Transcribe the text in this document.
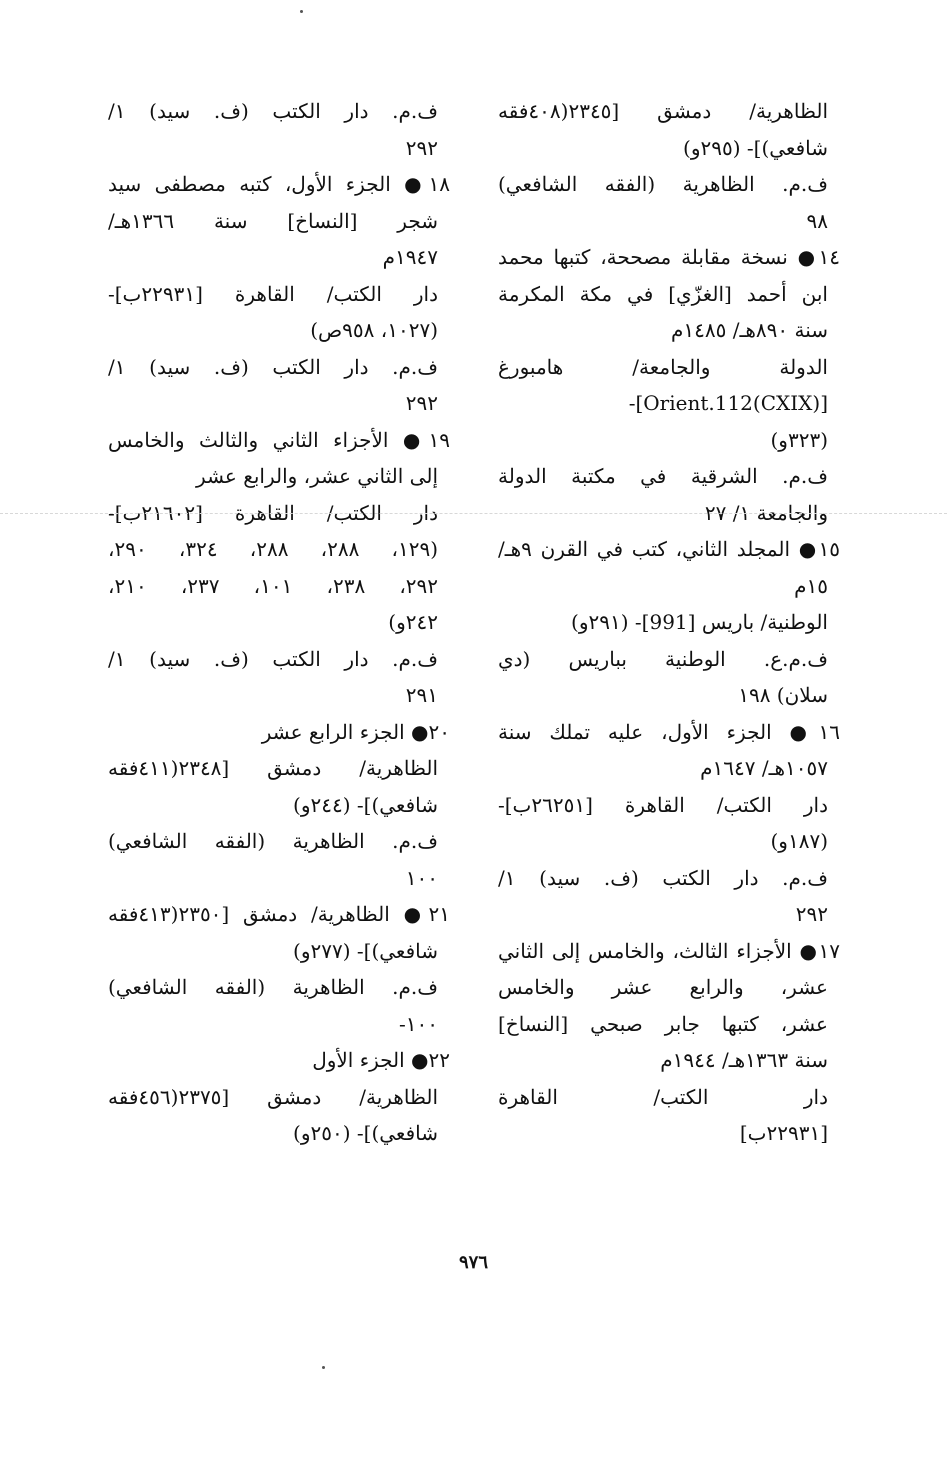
الظاهرية/ دمشق [٢٣٤٥(٤٠٨فقه
شافعي)]- (٢٩٥و)
ف.م. الظاهرية (الفقه الشافعي)
٩٨
١٤● نسخة مقابلة مصححة، كتبها محمد
ابن أحمد [الغزّي] في مكة المكرمة
سنة ٨٩٠هـ/ ١٤٨٥م
الدولة والجامعة/ هامبورغ
[Orient.112(CXIX)]-
(٣٢٣و)
ف.م. الشرقية في مكتبة الدولة
والجامعة ١/ ٢٧
١٥● المجلد الثاني، كتب في القرن ٩هـ/
١٥م
الوطنية/ باريس [991]- (٢٩١و)
ف.م.ع. الوطنية بباريس (دي
سلان) ١٩٨
١٦● الجزء الأول، عليه تملك سنة
١٠٥٧هـ/ ١٦٤٧م
دار الكتب/ القاهرة [٢٦٢٥١ب]-
(١٨٧و)
ف.م. دار الكتب (ف. سيد) ١/
٢٩٢
١٧● الأجزاء الثالث، والخامس إلى الثاني
عشر، والرابع عشر والخامس
عشر، كتبها جابر صبحي [النساخ]
سنة ١٣٦٣هـ/ ١٩٤٤م
دار الكتب/ القاهرة
[٢٢٩٣١ب]
ف.م. دار الكتب (ف. سيد) ١/
٢٩٢
١٨● الجزء الأول، كتبه مصطفى سيد
شجر [النساخ] سنة ١٣٦٦هـ/
١٩٤٧م
دار الكتب/ القاهرة [٢٢٩٣١ب]-
(١٠٢٧، ٩٥٨ص)
ف.م. دار الكتب (ف. سيد) ١/
٢٩٢
١٩● الأجزاء الثاني والثالث والخامس
إلى الثاني عشر، والرابع عشر
دار الكتب/ القاهرة [٢١٦٠٢ب]-
(١٢٩، ٢٨٨، ٢٨٨، ٣٢٤، ٢٩٠،
٢٩٢، ٢٣٨، ١٠١، ٢٣٧، ٢١٠،
٢٤٢و)
ف.م. دار الكتب (ف. سيد) ١/
٢٩١
٢٠● الجزء الرابع عشر
الظاهرية/ دمشق [٢٣٤٨(٤١١فقه
شافعي)]- (٢٤٤و)
ف.م. الظاهرية (الفقه الشافعي)
١٠٠
٢١● الظاهرية/ دمشق [٢٣٥٠(٤١٣فقه
شافعي)]- (٢٧٧و)
ف.م. الظاهرية (الفقه الشافعي)
١٠٠-
٢٢● الجزء الأول
الظاهرية/ دمشق [٢٣٧٥(٤٥٦فقه
شافعي)]- (٢٥٠و)
٩٧٦
